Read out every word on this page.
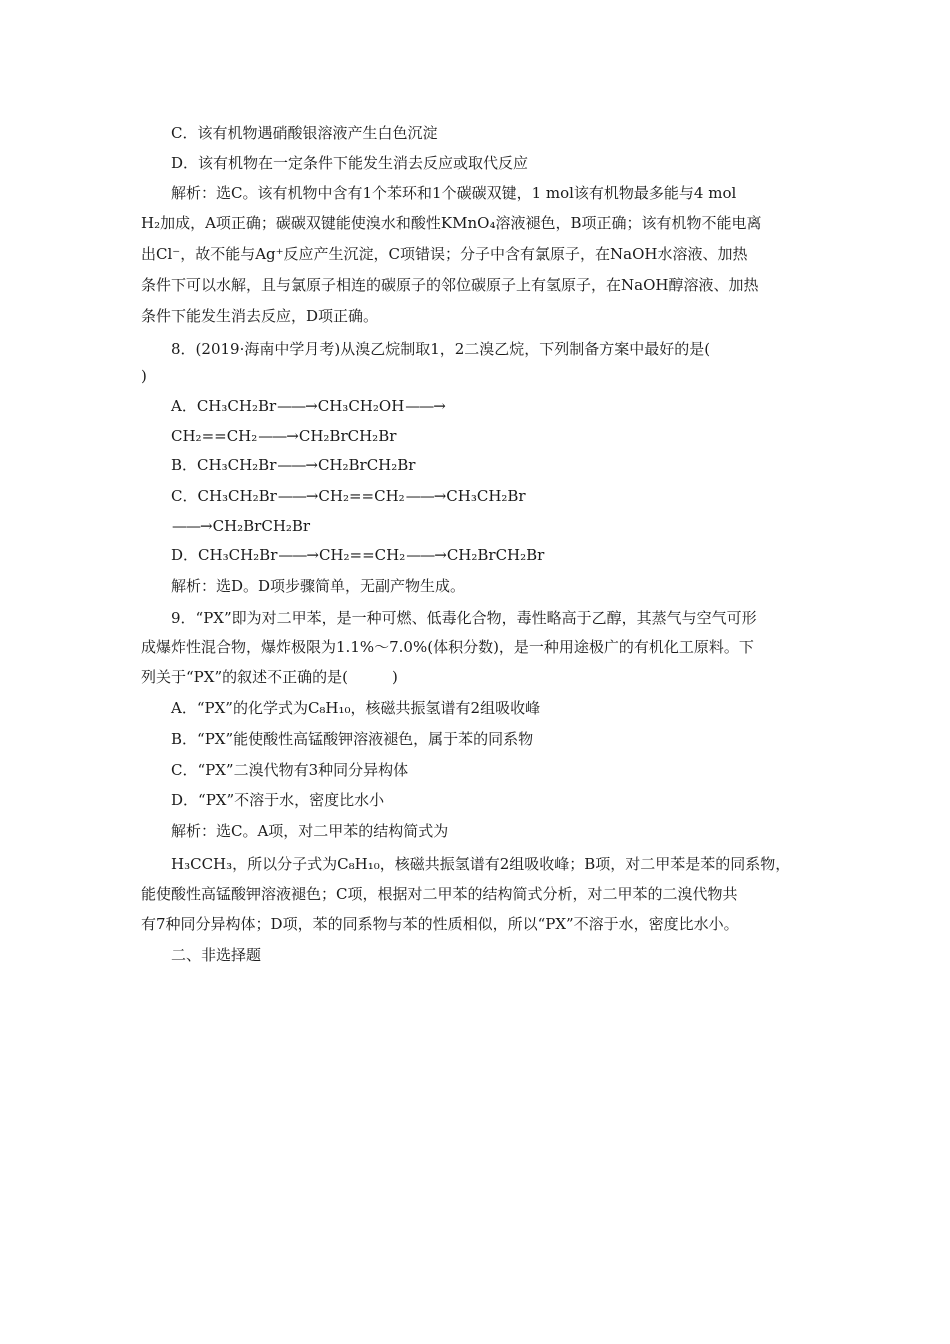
C．该有机物遇硝酸银溶液产生白色沉淀
D．该有机物在一定条件下能发生消去反应或取代反应
解析：选C。该有机物中含有1个苯环和1个碳碳双键，1 mol该有机物最多能与4 mol
H₂加成，A项正确；碳碳双键能使溴水和酸性KMnO₄溶液褪色，B项正确；该有机物不能电离
出Cl⁻，故不能与Ag⁺反应产生沉淀，C项错误；分子中含有氯原子，在NaOH水溶液、加热
条件下可以水解，且与氯原子相连的碳原子的邻位碳原子上有氢原子，在NaOH醇溶液、加热
条件下能发生消去反应，D项正确。
8．(2019·海南中学月考)从溴乙烷制取1，2二溴乙烷，下列制备方案中最好的是(
)
A．CH₃CH₂Br——→CH₃CH₂OH——→
CH₂==CH₂——→CH₂BrCH₂Br
B．CH₃CH₂Br——→CH₂BrCH₂Br
C．CH₃CH₂Br——→CH₂==CH₂——→CH₃CH₂Br
——→CH₂BrCH₂Br
D．CH₃CH₂Br——→CH₂==CH₂——→CH₂BrCH₂Br
解析：选D。D项步骤简单，无副产物生成。
9．“PX”即为对二甲苯，是一种可燃、低毒化合物，毒性略高于乙醇，其蒸气与空气可形
成爆炸性混合物，爆炸极限为1.1%～7.0%(体积分数)，是一种用途极广的有机化工原料。下
列关于“PX”的叙述不正确的是(	)
A．“PX”的化学式为C₈H₁₀，核磁共振氢谱有2组吸收峰
B．“PX”能使酸性高锰酸钾溶液褪色，属于苯的同系物
C．“PX”二溴代物有3种同分异构体
D．“PX”不溶于水，密度比水小
解析：选C。A项，对二甲苯的结构简式为
H₃CCH₃，所以分子式为C₈H₁₀，核磁共振氢谱有2组吸收峰；B项，对二甲苯是苯的同系物，
能使酸性高锰酸钾溶液褪色；C项，根据对二甲苯的结构简式分析，对二甲苯的二溴代物共
有7种同分异构体；D项，苯的同系物与苯的性质相似，所以“PX”不溶于水，密度比水小。
二、非选择题
